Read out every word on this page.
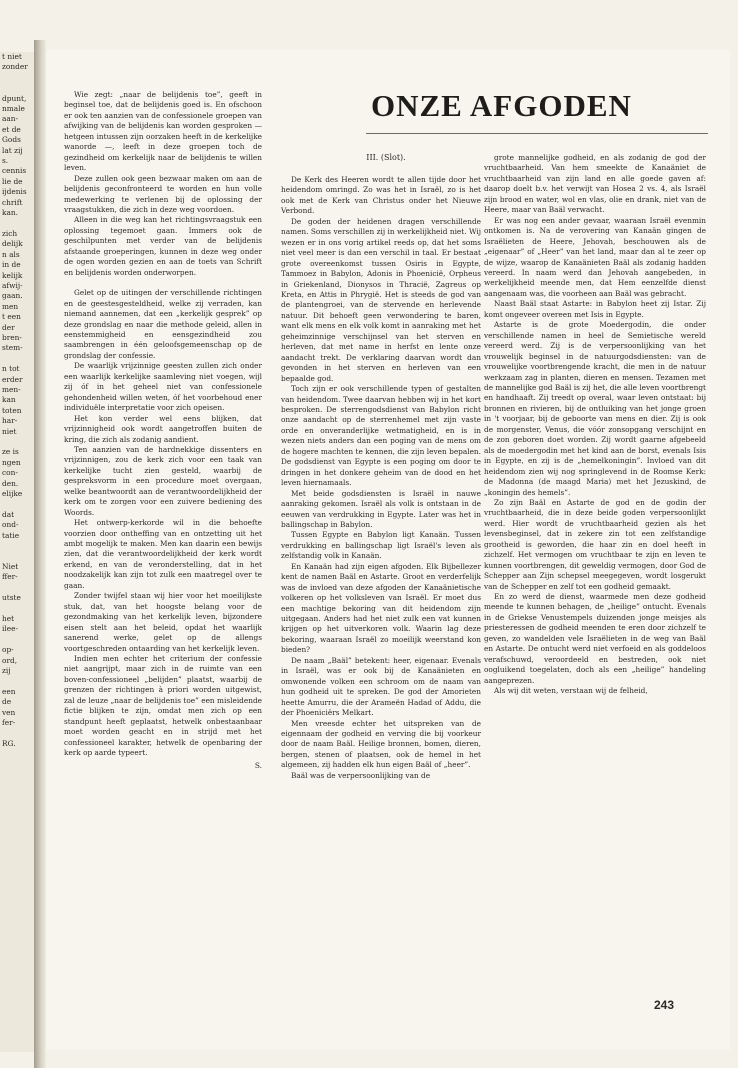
t niet
zonder

dpunt,
nmale
aan-
et de
Gods
lat zij
s.
cennis
lie de
ijdenis
chrift
kan.

zich
delijk
n als
in de
kelijk
afwij-
gaan.
men
t een
der
bren-
stem-

n tot
erder
men-
kan
toten
har-
niet

ze is
ngen
con-
den.
elijke

dat
ond-
tatie

Niet
ffer-

utste

het
ilee-

op-
ord,
zij

een
de
ven
fer-

RG.
ONZE AFGODEN
III. (Slot).

Wie zegt: „naar de belijdenis toe”, geeft in beginsel toe, dat de belijdenis goed is. En ofschoon er ook ten aanzien van de confessionele groepen van afwijking van de belijdenis kan worden gesproken — hetgeen intussen zijn oorzaken heeft in de kerkelijke wanorde —, leeft in deze groepen toch de gezindheid om kerkelijk naar de belijdenis te willen leven.

Deze zullen ook geen bezwaar maken om aan de belijdenis geconfronteerd te worden en hun volle medewerking te verlenen bij de oplossing der vraagstukken, die zich in deze weg voordoen.

Alleen in die weg kan het richtingsvraagstuk een oplossing tegemoet gaan. Immers ook de geschilpunten met verder van de belijdenis afstaande groeperingen, kunnen in deze weg onder de ogen worden gezien en aan de toets van Schrift en belijdenis worden onderworpen.

Gelet op de uitingen der verschillende richtingen en de geestesgesteldheid, welke zij verraden, kan niemand aannemen, dat een „kerkelijk gesprek” op deze grondslag en naar die methode geleid, allen in eenstemmigheid en eensgezindheid zou saambrengen in één geloofsgemeenschap op de grondslag der confessie.

De waarlijk vrijzinnige geesten zullen zich onder een waarlijk kerkelijke saamleving niet voegen, wijl zij óf in het geheel niet van confessionele gehondenheid willen weten, óf het voorbehoud ener individuële interpretatie voor zich opeisen.

Het kon verder wel eens blijken, dat vrijzinnigheid ook wordt aangetroffen buiten de kring, die zich als zodanig aandient.

Ten aanzien van de hardnekkige dissenters en vrijzinnigen, zou de kerk zich voor een taak van kerkelijke tucht zien gesteld, waarbij de gespreksvorm in een procedure moet overgaan, welke beantwoordt aan de verantwoordelijkheid der kerk om te zorgen voor een zuivere bediening des Woords.

Het ontwerp-kerkorde wil in die behoefte voorzien door ontheffing van en ontzetting uit het ambt mogelijk te maken. Men kan daarin een bewijs zien, dat die verantwoordelijkheid der kerk wordt erkend, en van de veronderstelling, dat in het noodzakelijk kan zijn tot zulk een maatregel over te gaan.

Zonder twijfel staan wij hier voor het moeilijkste stuk, dat, van het hoogste belang voor de gezondmaking van het kerkelijk leven, bijzondere eisen stelt aan het beleid, opdat het waarlijk sanerend werke, gelet op de allengs voortgeschreden ontaarding van het kerkelijk leven.

Indien men echter het criterium der confessie niet aangrijpt, maar zich in de ruimte van een boven-confessioneel „belijden” plaatst, waarbij de grenzen der richtingen à priori worden uitgewist, zal de leuze „naar de belijdenis toe” een misleidende fictie blijken te zijn, omdat men zich op een standpunt heeft geplaatst, hetwelk onbestaanbaar moet worden geacht en in strijd met het confessioneel karakter, hetwelk de openbaring der kerk op aarde typeert.

S.

De Kerk des Heeren wordt te allen tijde door het heidendom omringd. Zo was het in Israël, zo is het ook met de Kerk van Christus onder het Nieuwe Verbond.

De goden der heidenen dragen verschillende namen. Soms verschillen zij in werkelijkheid niet. Wij wezen er in ons vorig artikel reeds op, dat het soms niet veel meer is dan een verschil in taal. Er bestaat grote overeenkomst tussen Osiris in Egypte, Tammoez in Babylon, Adonis in Phoenicië, Orpheus in Griekenland, Dionysos in Thracië, Zagreus op Kreta, en Attis in Phrygië. Het is steeds de god van de plantengroei, van de stervende en herlevende natuur. Dit behoeft geen verwondering te baren, want elk mens en elk volk komt in aanraking met het geheimzinnige verschijnsel van het sterven en herleven, dat met name in herfst en lente onze aandacht trekt. De verklaring daarvan wordt dan gevonden in het sterven en herleven van een bepaalde god.

Toch zijn er ook verschillende typen of gestalten van heidendom. Twee daarvan hebben wij in het kort besproken. De sterrengodsdienst van Babylon richt onze aandacht op de sterrenhemel met zijn vaste orde en onveranderlijke wetmatigheid, en is in wezen niets anders dan een poging van de mens om de hogere machten te kennen, die zijn leven bepalen. De godsdienst van Egypte is een poging om door te dringen in het donkere geheim van de dood en het leven hiernamaals.

Met beide godsdiensten is Israël in nauwe aanraking gekomen. Israël als volk is ontstaan in de eeuwen van verdrukking in Egypte. Later was het in ballingschap in Babylon.

Tussen Egypte en Babylon ligt Kanaän. Tussen verdrukking en ballingschap ligt Israël's leven als zelfstandig volk in Kanaän.

En Kanaän had zijn eigen afgoden. Elk Bijbellezer kent de namen Baäl en Astarte. Groot en verderfelijk was de invloed van deze afgoden der Kanaänietische volkeren op het volksleven van Israël. Er moet dus een machtige bekoring van dit heidendom zijn uitgegaan. Anders had het niet zulk een vat kunnen krijgen op het uitverkoren volk. Waarin lag deze bekoring, waaraan Israël zo moeilijk weerstand kon bieden?

De naam „Baäl” betekent: heer, eigenaar. Evenals in Israël, was er ook bij de Kanaänieten en omwonende volken een schroom om de naam van hun godheid uit te spreken. De god der Amorieten heette Amurru, die der Arameën Hadad of Addu, die der Phoeniciërs Melkart.

Men vreesde echter het uitspreken van de eigennaam der godheid en verving die bij voorkeur door de naam Baäl. Heilige bronnen, bomen, dieren, bergen, stenen of plaatsen, ook de hemel in het algemeen, zij hadden elk hun eigen Baäl of „heer”.

Baäl was de verpersoonlijking van de

grote mannelijke godheid, en als zodanig de god der vruchtbaarheid. Van hem smeekte de Kanaäniet de vruchtbaarheid van zijn land en alle goede gaven af: daarop doelt b.v. het verwijt van Hosea 2 vs. 4, als Israël zijn brood en water, wol en vlas, olie en drank, niet van de Heere, maar van Baäl verwacht.

Er was nog een ander gevaar, waaraan Israël evenmin ontkomen is. Na de verovering van Kanaän gingen de Israëlieten de Heere, Jehovah, beschouwen als de „eigenaar” of „Heer” van het land, maar dan al te zeer op de wijze, waarop de Kanaänieten Baäl als zodanig hadden vereerd. In naam werd dan Jehovah aangebeden, in werkelijkheid meende men, dat Hem eenzelfde dienst aangenaam was, die voorheen aan Baäl was gebracht.

Naast Baäl staat Astarte: in Babylon heet zij Istar. Zij komt ongeveer overeen met Isis in Egypte.

Astarte is de grote Moedergodin, die onder verschillende namen in heel de Semietische wereld vereerd werd. Zij is de verpersoonlijking van het vrouwelijk beginsel in de natuurgodsdiensten: van de vrouwelijke voortbrengende kracht, die men in de natuur werkzaam zag in planten, dieren en mensen. Tezamen met de mannelijke god Baäl is zij het, die alle leven voortbrengt en handhaaft. Zij treedt op overal, waar leven ontstaat: bij bronnen en rivieren, bij de ontluiking van het jonge groen in 't voorjaar, bij de geboorte van mens en dier. Zij is ook de morgenster, Venus, die vóór zonsopgang verschijnt en de zon geboren doet worden. Zij wordt gaarne afgebeeld als de moedergodin met het kind aan de borst, evenals Isis in Egypte, en zij is de „hemelkoningin”. Invloed van dit heidendom zien wij nog springlevend in de Roomse Kerk: de Madonna (de maagd Maria) met het Jezuskind, de „koningin des hemels”.

Zo zijn Baäl en Astarte de god en de godin der vruchtbaarheid, die in deze beide goden verpersoonlijkt werd. Hier wordt de vruchtbaarheid gezien als het levensbeginsel, dat in zekere zin tot een zelfstandige grootheid is geworden, die haar zin en doel heeft in zichzelf. Het vermogen om vruchtbaar te zijn en leven te kunnen voortbrengen, dit geweldig vermogen, door God de Schepper aan Zijn schepsel meegegeven, wordt losgerukt van de Schepper en zelf tot een godheid gemaakt.

En zo werd de dienst, waarmede men deze godheid meende te kunnen behagen, de „heilige” ontucht. Evenals in de Griekse Venustempels duizenden jonge meisjes als priesteressen de godheid meenden te eren door zichzelf te geven, zo wandelden vele Israëlieten in de weg van Baäl en Astarte. De ontucht werd niet verfoeid en als goddeloos verafschuwd, veroordeeld en bestreden, ook niet oogluikend toegelaten, doch als een „heilige” handeling aangeprezen.

Als wij dit weten, verstaan wij de felheid,

243
